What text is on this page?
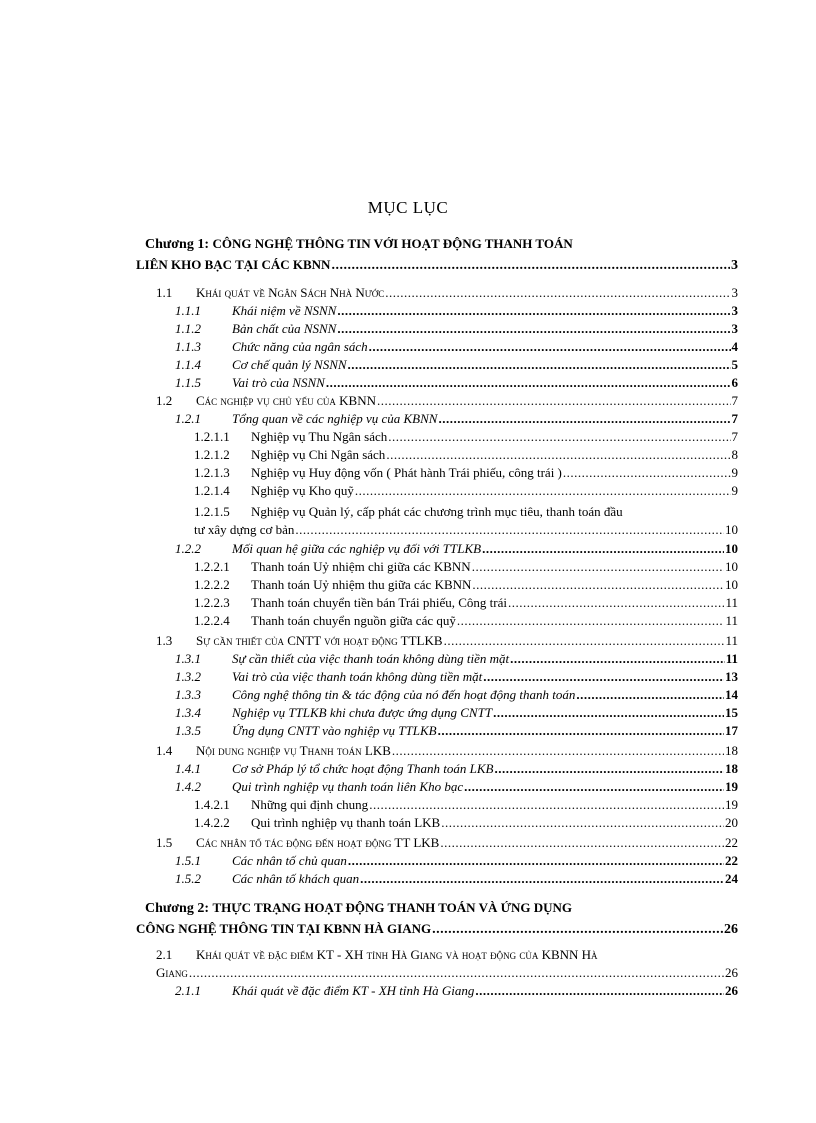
MỤC LỤC
Chương 1: CÔNG NGHỆ THÔNG TIN VỚI HOẠT ĐỘNG THANH TOÁN
LIÊN KHO BẠC TẠI CÁC KBNN .....	3
1.1	Khái quát về Ngân Sách Nhà Nước .....	3
1.1.1	Khái niệm về NSNN .....	3
1.1.2	Bản chất của NSNN .....	3
1.1.3	Chức năng của ngân sách .....	4
1.1.4	Cơ chế quản lý NSNN .....	5
1.1.5	Vai trò của NSNN .....	6
1.2	Các nghiệp vụ chủ yếu của KBNN .....	7
1.2.1	Tổng quan về các nghiệp vụ của KBNN .....	7
1.2.1.1	Nghiệp vụ Thu Ngân sách .....	7
1.2.1.2	Nghiệp vụ Chi Ngân sách .....	8
1.2.1.3	Nghiệp vụ Huy động vốn ( Phát hành Trái phiếu, công trái ) .....	9
1.2.1.4	Nghiệp vụ Kho quỹ .....	9
1.2.1.5	Nghiệp vụ Quản lý, cấp phát các chương trình mục tiêu, thanh toán đầu
tư xây dựng cơ bản .....	10
1.2.2	Mối quan hệ giữa các nghiệp vụ đối với TTLKB .....	10
1.2.2.1	Thanh toán Uỷ nhiệm chi giữa các KBNN .....	10
1.2.2.2	Thanh toán Uỷ nhiệm thu giữa các KBNN .....	10
1.2.2.3	Thanh toán chuyển tiền bán Trái phiếu, Công trái .....	11
1.2.2.4	Thanh toán chuyển nguồn giữa các quỹ .....	11
1.3	Sự cần thiết của CNTT với hoạt động TTLKB .....	11
1.3.1	Sự cần thiết của việc thanh toán không dùng tiền mặt .....	11
1.3.2	Vai trò của việc thanh toán không dùng tiền mặt .....	13
1.3.3	Công nghệ thông tin & tác động của nó đến hoạt động thanh toán .....	14
1.3.4	Nghiệp vụ TTLKB khi chưa được ứng dụng CNTT .....	15
1.3.5	Ứng dụng CNTT vào nghiệp vụ TTLKB .....	17
1.4	Nội dung nghiệp vụ Thanh toán LKB .....	18
1.4.1	Cơ sở Pháp lý tổ chức hoạt động Thanh toán LKB .....	18
1.4.2	Qui trình nghiệp vụ thanh toán liên Kho bạc .....	19
1.4.2.1	Những qui định chung .....	19
1.4.2.2	Qui trình nghiệp vụ thanh toán LKB .....	20
1.5	Các nhân tố tác động đến hoạt động TT LKB .....	22
1.5.1	Các nhân tố chủ quan .....	22
1.5.2	Các nhân tố khách quan .....	24
Chương 2: THỰC TRẠNG HOẠT ĐỘNG THANH TOÁN VÀ ỨNG DỤNG
CÔNG NGHỆ THÔNG TIN TẠI KBNN HÀ GIANG .....	26
2.1	Khái quát về đặc điểm KT - XH tỉnh Hà Giang và hoạt động của KBNN Hà
Giang .....	26
2.1.1	Khái quát về đặc điểm KT - XH tỉnh Hà Giang .....	26
